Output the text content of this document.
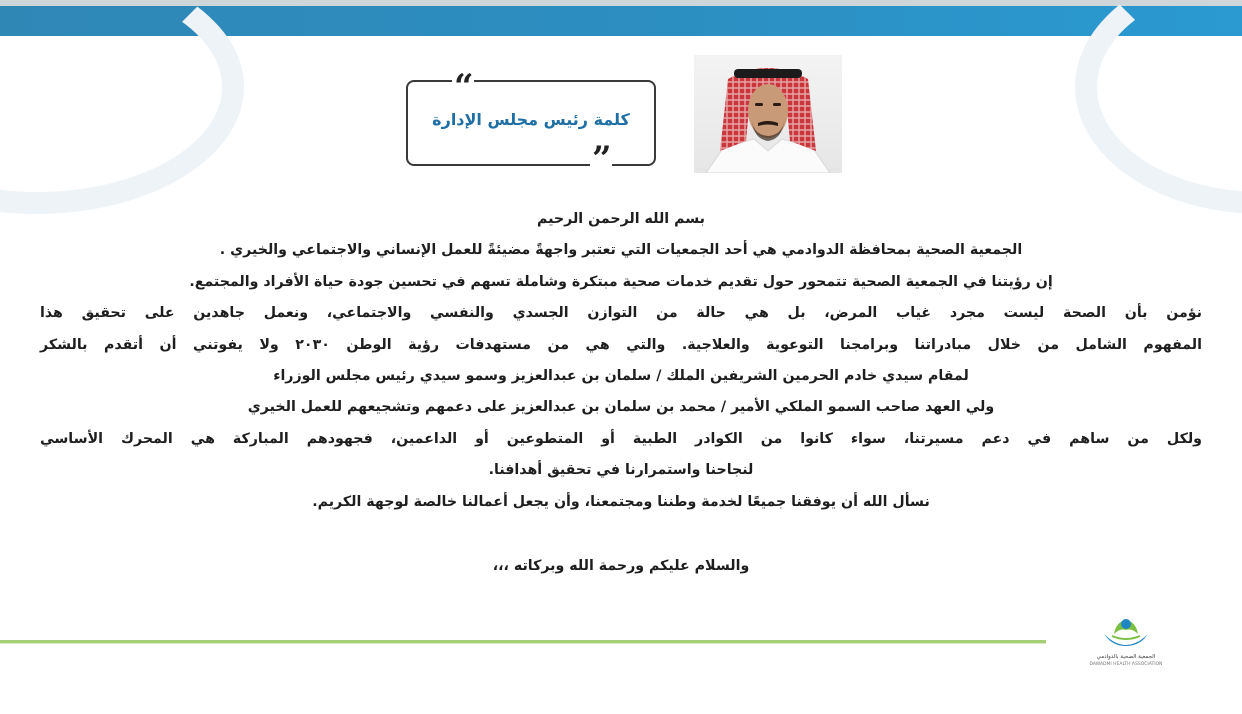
“
”
كلمة رئيس مجلس الإدارة
بسم الله الرحمن الرحيم
الجمعية الصحية بمحافظة الدوادمي هي أحد الجمعيات التي تعتبر واجهةً مضيئةً للعمل الإنساني والاجتماعي والخيري .
إن رؤيتنا في الجمعية الصحية تتمحور حول تقديم خدمات صحية مبتكرة وشاملة تسهم في تحسين جودة حياة الأفراد والمجتمع.
نؤمن بأن الصحة ليست مجرد غياب المرض، بل هي حالة من التوازن الجسدي والنفسي والاجتماعي، ونعمل جاهدين على تحقيق هذا
المفهوم الشامل من خلال مبادراتنا وبرامجنا التوعوية والعلاجية. والتي هي من مستهدفات رؤية الوطن ٢٠٣٠ ولا يفوتني أن أتقدم بالشكر
لمقام سيدي خادم الحرمين الشريفين الملك / سلمان بن عبدالعزيز وسمو سيدي رئيس مجلس الوزراء
ولي العهد صاحب السمو الملكي الأمير / محمد بن سلمان بن عبدالعزيز على دعمهم وتشجيعهم للعمل الخيري
ولكل من ساهم في دعم مسيرتنا، سواء كانوا من الكوادر الطبية أو المتطوعين أو الداعمين، فجهودهم المباركة هي المحرك الأساسي
لنجاحنا واستمرارنا في تحقيق أهدافنا.
نسأل الله أن يوفقنا جميعًا لخدمة وطننا ومجتمعنا، وأن يجعل أعمالنا خالصة لوجهة الكريم.
والسلام عليكم ورحمة الله وبركاته ،،،
الجمعية الصحية بالدوادمي
DAWADMI HEALTH ASSOCIATION
